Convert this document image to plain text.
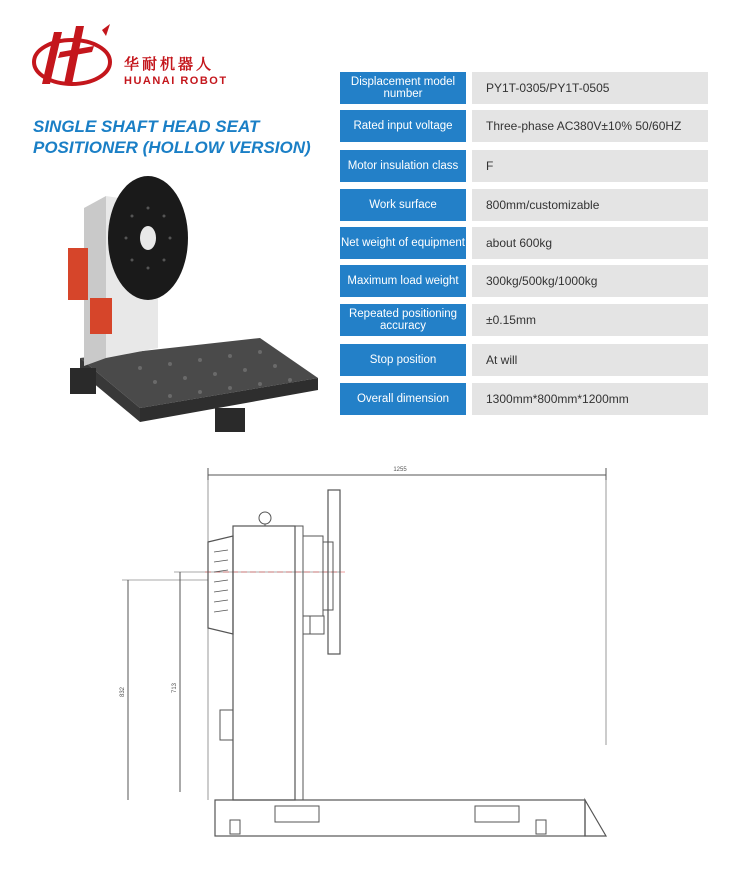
华耐机器人
HUANAI ROBOT
SINGLE SHAFT HEAD SEAT
POSITIONER (HOLLOW VERSION)
Displacement model number	PY1T-0305/PY1T-0505
Rated input voltage	Three-phase AC380V±10% 50/60HZ
Motor insulation class	F
Work surface	800mm/customizable
Net weight of equipment	about 600kg
Maximum load weight	300kg/500kg/1000kg
Repeated positioning accuracy	±0.15mm
Stop position	At will
Overall dimension	1300mm*800mm*1200mm
1255
832	713
